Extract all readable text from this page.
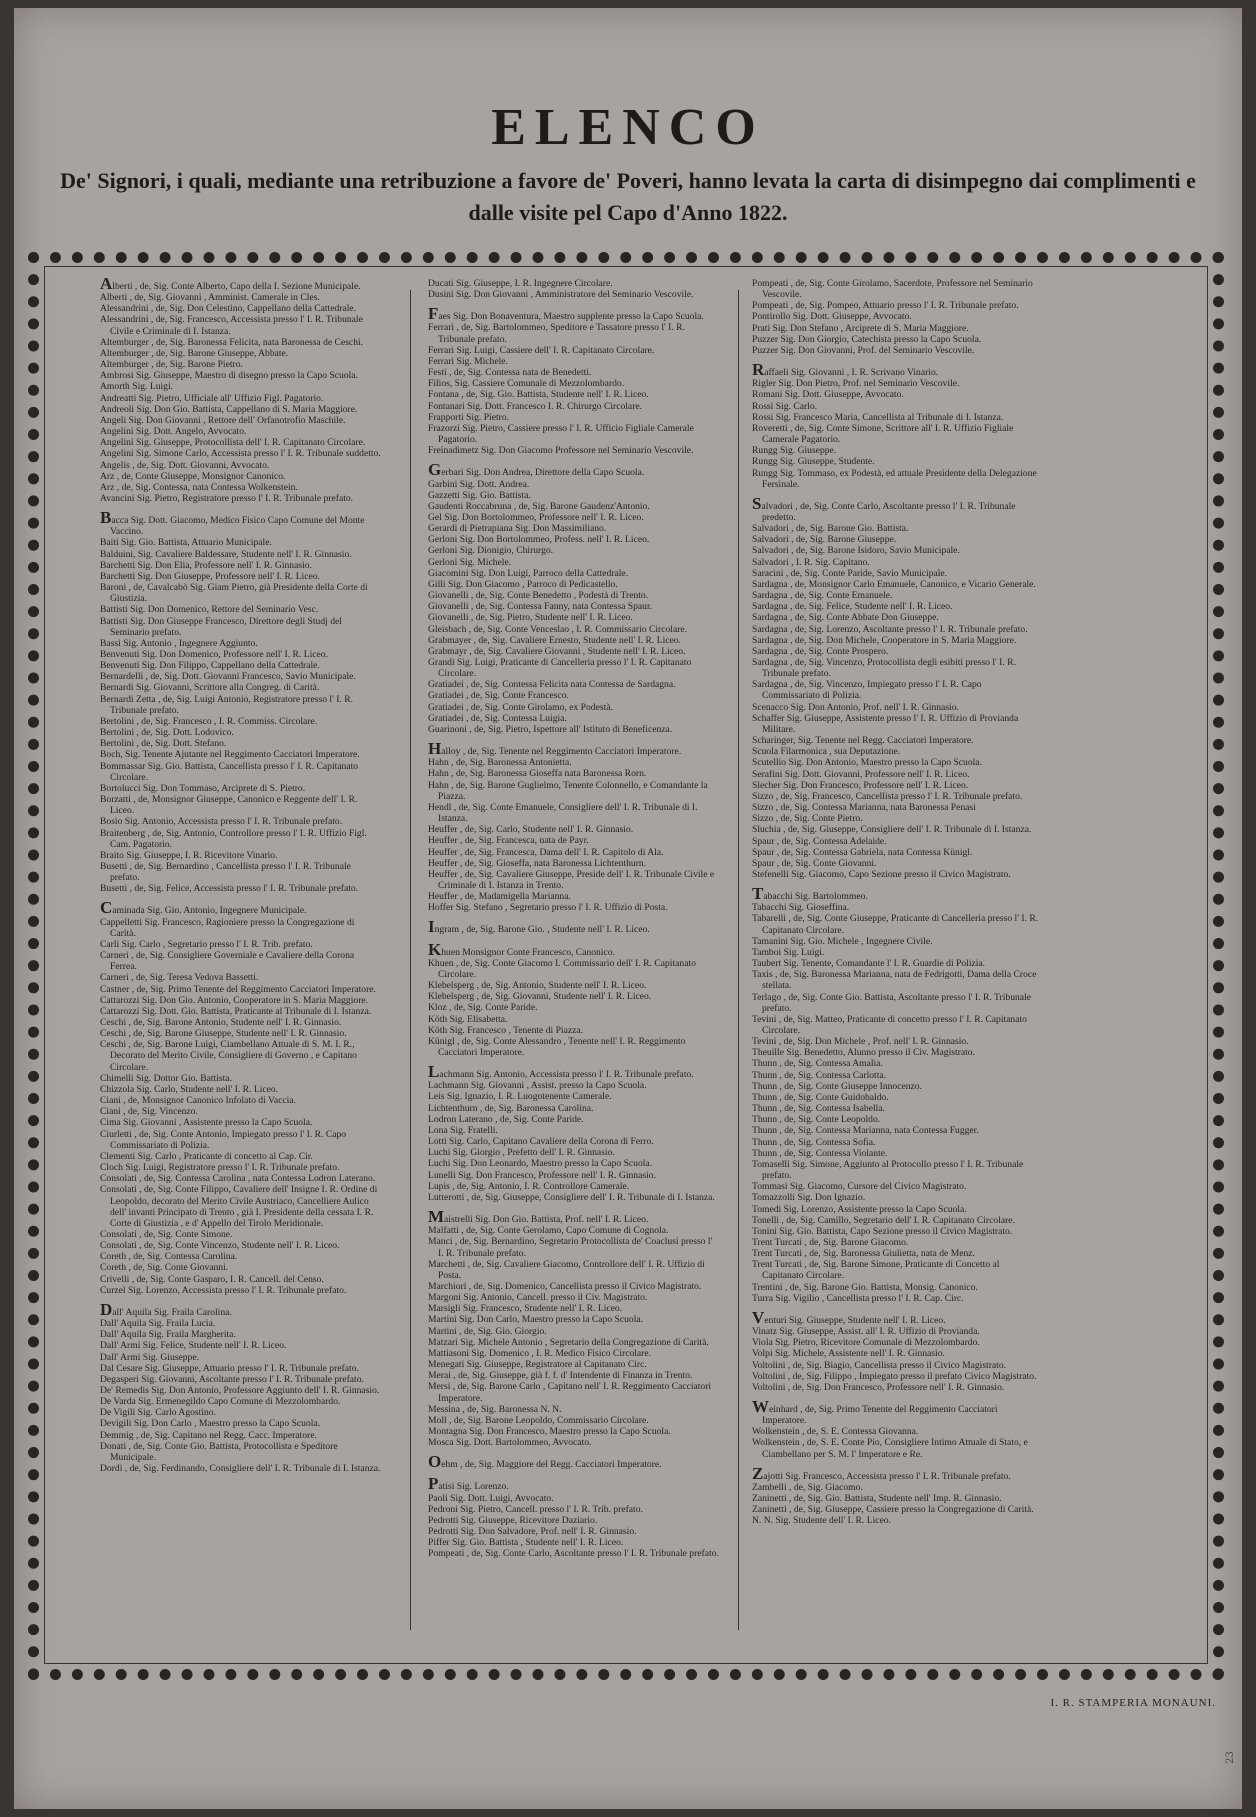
ELENCO
De' Signori, i quali, mediante una retribuzione a favore de' Poveri, hanno levata la carta di disimpegno dai complimenti e dalle visite pel Capo d'Anno 1822.

Alberti , de, Sig. Conte Alberto, Capo della I. Sezione Municipale.

Alberti , de, Sig. Giovanni , Amminist. Camerale in Cles.

Alessandrini , de, Sig. Don Celestino, Cappellano della Cattedrale.

Alessandrini , de, Sig. Francesco, Accessista presso l' I. R. Tribunale Civile e Criminale di I. Istanza.

Altemburger , de, Sig. Baronessa Felicita, nata Baronessa de Ceschi.

Altemburger , de, Sig. Barone Giuseppe, Abbate.

Altemburger , de, Sig. Barone Pietro.

Ambrosi Sig. Giuseppe, Maestro di disegno presso la Capo Scuola.

Amorth Sig. Luigi.

Andreatti Sig. Pietro, Ufficiale all' Uffizio Figl. Pagatorio.

Andreoli Sig. Don Gio. Battista, Cappellano di S. Maria Maggiore.

Angeli Sig. Don Giovanni , Rettore dell' Orfanotrofio Maschile.

Angelini Sig. Dott. Angelo, Avvocato.

Angelini Sig. Giuseppe, Protocollista dell' I. R. Capitanato Circolare.

Angelini Sig. Simone Carlo, Accessista presso l' I. R. Tribunale suddetto.

Angelis , de, Sig. Dott. Giovanni, Avvocato.

Arz , de, Conte Giuseppe, Monsignor Canonico.

Arz , de, Sig. Contessa, nata Contessa Wolkenstein.

Avancini Sig. Pietro, Registratore presso l' I. R. Tribunale prefato.

Bacca Sig. Dott. Giacomo, Medico Fisico Capo Comune del Monte Vaccino.

Baiti Sig. Gio. Battista, Attuario Municipale.

Balduini, Sig. Cavaliere Baldessare, Studente nell' I. R. Ginnasio.

Barchetti Sig. Don Elia, Professore nell' I. R. Ginnasio.

Barchetti Sig. Don Giuseppe, Professore nell' I. R. Liceo.

Baroni , de, Cavalcabò Sig. Giam Pietro, già Presidente della Corte di Giustizia.

Battisti Sig. Don Domenico, Rettore del Seminario Vesc.

Battisti Sig. Don Giuseppe Francesco, Direttore degli Studj del Seminario prefato.

Bassi Sig. Antonio , Ingegnere Aggiunto.

Benvenuti Sig. Don Domenico, Professore nell' I. R. Liceo.

Benvenuti Sig. Don Filippo, Cappellano della Cattedrale.

Bernardelli , de, Sig. Dott. Giovanni Francesco, Savio Municipale.

Bernardi Sig. Giovanni, Scrittore alla Congreg. di Carità.

Bernardi Zetta , de, Sig. Luigi Antonio, Registratore presso l' I. R. Tribunale prefato.

Bertolini , de, Sig. Francesco , I. R. Commiss. Circolare.

Bertolini , de, Sig. Dott. Lodovico.

Bertolini , de, Sig. Dott. Stefano.

Boch, Sig. Tenente Ajutante nel Reggimento Cacciatori Imperatore.

Bommassar Sig. Gio. Battista, Cancellista presso l' I. R. Capitanato Circolare.

Bortolucci Sig. Don Tommaso, Arciprete di S. Pietro.

Borzatti , de, Monsignor Giuseppe, Canonico e Reggente dell' I. R. Liceo.

Bosio Sig. Antonio, Accessista presso l' I. R. Tribunale prefato.

Braitenberg , de, Sig. Antonio, Controllore presso l' I. R. Uffizio Figl. Cam. Pagatorio.

Braito Sig. Giuseppe, I. R. Ricevitore Vinario.

Busetti , de, Sig. Bernardino , Cancellista presso l' I. R. Tribunale prefato.

Busetti , de, Sig. Felice, Accessista presso l' I. R. Tribunale prefato.

Caminada Sig. Gio. Antonio, Ingegnere Municipale.

Cappelletti Sig. Francesco, Ragioniere presso la Congregazione di Carità.

Carli Sig. Carlo , Segretario presso l' I. R. Trib. prefato.

Carneri , de, Sig. Consigliere Governiale e Cavaliere della Corona Ferrea.

Carneri , de, Sig. Teresa Vedova Bassetti.

Castner , de, Sig. Primo Tenente del Reggimento Cacciatori Imperatore.

Cattarozzi Sig. Don Gio. Antonio, Cooperatore in S. Maria Maggiore.

Cattarozzi Sig. Dott. Gio. Battista, Praticante al Tribunale di I. Istanza.

Ceschi , de, Sig. Barone Antonio, Studente nell' I. R. Ginnasio.

Ceschi , de, Sig. Barone Giuseppe, Studente nell' I. R. Ginnasio.

Ceschi , de, Sig. Barone Luigi, Ciambellano Attuale di S. M. I. R., Decorato del Merito Civile, Consigliere di Governo , e Capitano Circolare.

Chimelli Sig. Dottor Gio. Battista.

Chizzola Sig. Carlo, Studente nell' I. R. Liceo.

Ciani , de, Monsignor Canonico Infolato di Vaccia.

Ciani , de, Sig. Vincenzo.

Cima Sig. Giovanni , Assistente presso la Capo Scuola.

Ciurletti , de, Sig. Conte Antonio, Impiegato presso l' I. R. Capo Commissariato di Polizia.

Clementi Sig. Carlo , Praticante di concetto al Cap. Cir.

Cloch Sig. Luigi, Registratore presso l' I. R. Tribunale prefato.

Consolati , de, Sig. Contessa Carolina , nata Contessa Lodron Laterano.

Consolati , de, Sig. Conte Filippo, Cavaliere dell' Insigne I. R. Ordine di Leopoldo, decorato del Merito Civile Austriaco, Cancelliere Aulico dell' invanti Principato di Trento , già I. Presidente della cessata I. R. Corte di Giustizia , e d' Appello del Tirolo Meridionale.

Consolati , de, Sig. Conte Simone.

Consolati , de, Sig. Conte Vincenzo, Studente nell' I. R. Liceo.

Coreth , de, Sig. Contessa Carolina.

Coreth , de, Sig. Conte Giovanni.

Crivelli , de, Sig. Conte Gasparo, I. R. Cancell. del Censo.

Curzel Sig. Lorenzo, Accessista presso l' I. R. Tribunale prefato.

Dall' Aquila Sig. Fraila Carolina.

Dall' Aquila Sig. Fraila Lucia.

Dall' Aquila Sig. Fraila Margherita.

Dall' Armi Sig. Felice, Studente nell' I. R. Liceo.

Dall' Armi Sig. Giuseppe.

Dal Cesare Sig. Giuseppe, Attuario presso l' I. R. Tribunale prefato.

Degasperi Sig. Giovanni, Ascoltante presso l' I. R. Tribunale prefato.

De' Remedis Sig. Don Antonio, Professore Aggiunto dell' I. R. Ginnasio.

De Varda Sig. Ermenegildo Capo Comune di Mezzolombardo.

De Vigili Sig. Carlo Agostino.

Devigili Sig. Don Carlo , Maestro presso la Capo Scuola.

Demmig , de, Sig. Capitano nel Regg. Cacc. Imperatore.

Donati , de, Sig. Conte Gio. Battista, Protocollista e Speditore Municipale.

Dordi , de, Sig. Ferdinando, Consigliere dell' I. R. Tribunale di I. Istanza.

Ducati Sig. Giuseppe, I. R. Ingegnere Circolare.

Dusini Sig. Don Giovanni , Amministratore del Seminario Vescovile.

Faes Sig. Don Bonaventura, Maestro supplente presso la Capo Scuola.

Ferrari , de, Sig. Bartolommeo, Speditore e Tassatore presso l' I. R. Tribunale prefato.

Ferrari Sig. Luigi, Cassiere dell' I. R. Capitanato Circolare.

Ferrari Sig. Michele.

Festi , de, Sig. Contessa nata de Benedetti.

Filios, Sig. Cassiere Comunale di Mezzolombardo.

Fontana , de, Sig. Gio. Battista, Studente nell' I. R. Liceo.

Fontanari Sig. Dott. Francesco I. R. Chirurgo Circolare.

Frapporti Sig. Pietro.

Frazorzi Sig. Pietro, Cassiere presso l' I. R. Ufficio Figliale Camerale Pagatorio.

Freinadimetz Sig. Don Giacomo Professore nel Seminario Vescovile.

Gerbari Sig. Don Andrea, Direttore della Capo Scuola.

Garbini Sig. Dott. Andrea.

Gazzetti Sig. Gio. Battista.

Gaudenti Roccabruna , de, Sig. Barone Gaudenz'Antonio.

Gel Sig. Don Bortolommeo, Professore nell' I. R. Liceo.

Gerardi di Pietrapiana Sig. Don Massimiliano.

Gerloni Sig. Don Bortolommeo, Profess. nell' I. R. Liceo.

Gerloni Sig. Dionigio, Chirurgo.

Gerloni Sig. Michele.

Giacomini Sig. Don Luigi, Parroco della Cattedrale.

Gilli Sig. Don Giacomo , Parroco di Pedicastello.

Giovanelli , de, Sig. Conte Benedetto , Podestà di Trento.

Giovanelli , de, Sig. Contessa Fanny, nata Contessa Spaur.

Giovanelli , de, Sig. Pietro, Studente nell' I. R. Liceo.

Gleisbach , de, Sig. Conte Venceslao , I. R. Commissario Circolare.

Grabmayer , de, Sig. Cavaliere Ernesto, Studente nell' I. R. Liceo.

Grabmayr , de, Sig. Cavaliere Giovanni , Studente nell' I. R. Liceo.

Grandi Sig. Luigi, Praticante di Cancelleria presso l' I. R. Capitanato Circolare.

Gratiadei , de, Sig. Contessa Felicita nata Contessa de Sardagna.

Gratiadei , de, Sig. Conte Francesco.

Gratiadei , de, Sig. Conte Girolamo, ex Podestà.

Gratiadei , de, Sig. Contessa Luigia.

Guarinoni , de, Sig. Pietro, Ispettore all' Istituto di Beneficenza.

Halloy , de, Sig. Tenente nel Reggimento Cacciatori Imperatore.

Hahn , de, Sig. Baronessa Antonietta.

Hahn , de, Sig. Baronessa Gioseffa nata Baronessa Rorn.

Hahn , de, Sig. Barone Guglielmo, Tenente Colonnello, e Comandante la Piazza.

Hendl , de, Sig. Conte Emanuele, Consigliere dell' I. R. Tribunale di I. Istanza.

Heuffer , de, Sig. Carlo, Studente nell' I. R. Ginnasio.

Heuffer , de, Sig. Francesca, nata de Payr.

Heuffer , de, Sig. Francesca, Dama dell' I. R. Capitolo di Ala.

Heuffer , de, Sig. Gioseffa, nata Baronessa Lichtenthurn.

Heuffer , de, Sig. Cavaliere Giuseppe, Preside dell' I. R. Tribunale Civile e Criminale di I. Istanza in Trento.

Heuffer , de, Madamigella Marianna.

Hoffer Sig. Stefano , Segretario presso l' I. R. Uffizio di Posta.

Ingram , de, Sig. Barone Gio. , Studente nell' I. R. Liceo.

Khuen Monsignor Conte Francesco, Canonico.

Khuen , de, Sig. Conte Giacomo I. Commissario dell' I. R. Capitanato Circolare.

Klebelsperg , de, Sig. Antonio, Studente nell' I. R. Liceo.

Klebelsperg , de, Sig. Giovanni, Studente nell' I. R. Liceo.

Kloz , de, Sig. Conte Paride.

Köth Sig. Elisabetta.

Köth Sig. Francesco , Tenente di Piazza.

Künigl , de, Sig. Conte Alessandro , Tenente nell' I. R. Reggimento Cacciatori Imperatore.

Lachmann Sig. Antonio, Accessista presso l' I. R. Tribunale prefato.

Lachmann Sig. Giovanni , Assist. presso la Capo Scuola.

Leis Sig. Ignazio, I. R. Luogotenente Camerale.

Lichtenthurn , de, Sig. Baronessa Carolina.

Lodron Laterano , de, Sig. Conte Paride.

Lona Sig. Fratelli.

Lotti Sig. Carlo, Capitano Cavaliere della Corona di Ferro.

Luchi Sig. Giorgio , Prefetto dell' I. R. Ginnasio.

Luchi Sig. Don Leonardo, Maestro presso la Capo Scuola.

Lunelli Sig. Don Francesco, Professore nell' I. R. Ginnasio.

Lupis , de, Sig. Antonio, I. R. Controllore Camerale.

Lutterotti , de, Sig. Giuseppe, Consigliere dell' I. R. Tribunale di I. Istanza.

Maistrelli Sig. Don Gio. Battista, Prof. nell' I. R. Liceo.

Malfatti , de, Sig. Conte Gerolamo, Capo Comune di Cognola.

Manci , de, Sig. Bernardino, Segretario Protocollista de' Coaclusi presso l' I. R. Tribunale prefato.

Marchetti , de, Sig. Cavaliere Giacomo, Controllore dell' I. R. Uffizio di Posta.

Marchiori , de, Sig. Domenico, Cancellista presso il Civico Magistrato.

Margoni Sig. Antonio, Cancell. presso il Civ. Magistrato.

Marsigli Sig. Francesco, Studente nell' I. R. Liceo.

Martini Sig. Don Carlo, Maestro presso la Capo Scuola.

Martini , de, Sig. Gio. Giorgio.

Matzari Sig. Michele Antonio , Segretario della Congregazione di Carità.

Mattiasoni Sig. Domenico , I. R. Medico Fisico Circolare.

Menegati Sig. Giuseppe, Registratore al Capitanato Circ.

Merai , de, Sig. Giuseppe, già f. f. d' Intendente di Finanza in Trento.

Mersi , de, Sig. Barone Carlo , Capitano nell' I. R. Reggimento Cacciatori Imperatore.

Messina , de, Sig. Baronessa N. N.

Moll , de, Sig. Barone Leopoldo, Commissario Circolare.

Montagna Sig. Don Francesco, Maestro presso la Capo Scuola.

Mosca Sig. Dott. Bartolommeo, Avvocato.

Oehm , de, Sig. Maggiore del Regg. Cacciatori Imperatore.

Patisi Sig. Lorenzo.

Paoli Sig. Dott. Luigi, Avvocato.

Pedroni Sig. Pietro, Cancell. presso l' I. R. Trib. prefato.

Pedrotti Sig. Giuseppe, Ricevitore Daziario.

Pedrotti Sig. Don Salvadore, Prof. nell' I. R. Ginnasio.

Piffer Sig. Gio. Battista , Studente nell' I. R. Liceo.

Pompeati , de, Sig. Conte Carlo, Ascoltante presso l' I. R. Tribunale prefato.

Pompeati , de, Sig. Conte Girolamo, Sacerdote, Professore nel Seminario Vescovile.

Pompeati , de, Sig. Pompeo, Attuario presso l' I. R. Tribunale prefato.

Pontirollo Sig. Dott. Giuseppe, Avvocato.

Prati Sig. Don Stefano , Arciprete di S. Maria Maggiore.

Puzzer Sig. Don Giorgio, Catechista presso la Capo Scuola.

Puzzer Sig. Don Giovanni, Prof. del Seminario Vescovile.

Raffaeli Sig. Giovanni , I. R. Scrivano Vinario.

Rigler Sig. Don Pietro, Prof. nel Seminario Vescovile.

Romani Sig. Dott. Giuseppe, Avvocato.

Rossi Sig. Carlo.

Rossi Sig. Francesco Maria, Cancellista al Tribunale di I. Istanza.

Roveretti , de, Sig. Conte Simone, Scrittore all' I. R. Uffizio Figliale Camerale Pagatorio.

Rungg Sig. Giuseppe.

Rungg Sig. Giuseppe, Studente.

Rungg Sig. Tommaso, ex Podestà, ed attuale Presidente della Delegazione Fersinale.

Salvadori , de, Sig. Conte Carlo, Ascoltante presso l' I. R. Tribunale predetto.

Salvadori , de, Sig. Barone Gio. Battista.

Salvadori , de, Sig. Barone Giuseppe.

Salvadori , de, Sig. Barone Isidoro, Savio Municipale.

Salvadori , I. R. Sig. Capitano.

Saracini , de, Sig. Conte Paride, Savio Municipale.

Sardagna , de, Monsignor Carlo Emanuele, Canonico, e Vicario Generale.

Sardagna , de, Sig. Conte Emanuele.

Sardagna , de, Sig. Felice, Studente nell' I. R. Liceo.

Sardagna , de, Sig. Conte Abbate Don Giuseppe.

Sardagna , de, Sig. Lorenzo, Ascoltante presso l' I. R. Tribunale prefato.

Sardagna , de, Sig. Don Michele, Cooperatore in S. Maria Maggiore.

Sardagna , de, Sig. Conte Prospero.

Sardagna , de, Sig. Vincenzo, Protocollista degli esibiti presso l' I. R. Tribunale prefato.

Sardagna , de, Sig. Vincenzo, Impiegato presso l' I. R. Capo Commissariato di Polizia.

Scenacco Sig. Don Antonio, Prof. nell' I. R. Ginnasio.

Schaffer Sig. Giuseppe, Assistente presso l' I. R. Uffizio di Provianda Militare.

Scharinger, Sig. Tenente nel Regg. Cacciatori Imperatore.

Scuola Filarmonica , sua Deputazione.

Scutellio Sig. Don Antonio, Maestro presso la Capo Scuola.

Serafini Sig. Dott. Giovanni, Professore nell' I. R. Liceo.

Slecher Sig. Don Francesco, Professore nell' I. R. Liceo.

Sizzo , de, Sig. Francesco, Cancellista presso l' I. R. Tribunale prefato.

Sizzo , de, Sig. Contessa Marianna, nata Baronessa Penasi

Sizzo , de, Sig. Conte Pietro.

Sluchia , de, Sig. Giuseppe, Consigliere dell' I. R. Tribunale di I. Istanza.

Spaur , de, Sig. Contessa Adelaide.

Spaur , de, Sig. Contessa Gabriela, nata Contessa Künigl.

Spaur , de, Sig. Conte Giovanni.

Stefenelli Sig. Giacomo, Capo Sezione presso il Civico Magistrato.

Tabacchi Sig. Bartolommeo.

Tabacchi Sig. Gioseffina.

Tabarelli , de, Sig. Conte Giuseppe, Praticante di Cancelleria presso l' I. R. Capitanato Circolare.

Tamanini Sig. Gio. Michele , Ingegnere Civile.

Tamboi Sig. Luigi.

Taubert Sig. Tenente, Comandante l' I. R. Guardie di Polizia.

Taxis , de, Sig. Baronessa Marianna, nata de Fedrigotti, Dama della Croce stellata.

Terlago , de, Sig. Conte Gio. Battista, Ascoltante presso l' I. R. Tribunale prefato.

Tevini , de, Sig. Matteo, Praticante di concetto presso l' I. R. Capitanato Circolare.

Tevini , de, Sig. Don Michele , Prof. nell' I. R. Ginnasio.

Theuille Sig. Benedetto, Alunno presso il Civ. Magistrato.

Thunn , de, Sig. Contessa Amalia.

Thunn , de, Sig. Contessa Carlotta.

Thunn , de, Sig. Conte Giuseppe Innocenzo.

Thunn , de, Sig. Conte Guidobaldo.

Thunn , de, Sig. Contessa Isabella.

Thunn , de, Sig. Conte Leopoldo.

Thunn , de, Sig. Contessa Marianna, nata Contessa Fugger.

Thunn , de, Sig. Contessa Sofia.

Thunn , de, Sig. Contessa Violante.

Tomaselli Sig. Simone, Aggiunto al Protocollo presso l' I. R. Tribunale prefato.

Tommasi Sig. Giacomo, Cursore del Civico Magistrato.

Tomazzolli Sig. Don Ignazio.

Tomedi Sig. Lorenzo, Assistente presso la Capo Scuola.

Tonelli , de, Sig. Camillo, Segretario dell' I. R. Capitanato Circolare.

Tonini Sig. Gio. Battista, Capo Sezione presso il Civico Magistrato.

Trent Turcati , de, Sig. Barone Giacomo.

Trent Turcati , de, Sig. Baronessa Giulietta, nata de Menz.

Trent Turcati , de, Sig. Barone Simone, Praticante di Concetto al Capitanato Circolare.

Trentini , de, Sig. Barone Gio. Battista, Monsig. Canonico.

Turra Sig. Vigilio , Cancellista presso l' I. R. Cap. Circ.

Venturi Sig. Giuseppe, Studente nell' I. R. Liceo.

Vinatz Sig. Giuseppe, Assist. all' I. R. Uffizio di Provianda.

Viola Sig. Pietro, Ricevitore Comunale di Mezzolombardo.

Volpi Sig. Michele, Assistente nell' I. R. Ginnasio.

Voltolini , de, Sig. Biagio, Cancellista presso il Civico Magistrato.

Voltolini , de, Sig. Filippo , Impiegato presso il prefato Civico Magistrato.

Voltolini , de, Sig. Don Francesco, Professore nell' I. R. Ginnasio.

Weinhard , de, Sig. Primo Tenente del Reggimento Cacciatori Imperatore.

Wolkenstein , de, S. E. Contessa Giovanna.

Wolkenstein , de, S. E. Conte Pio, Consigliere Intimo Attuale di Stato, e Ciambellano per S. M. l' Imperatore e Re.

Zajotti Sig. Francesco, Accessista presso l' I. R. Tribunale prefato.

Zambelli , de, Sig. Giacomo.

Zaninetti , de, Sig. Gio. Battista, Studente nell' Imp. R. Ginnasio.

Zaninetti , de, Sig. Giuseppe, Cassiere presso la Congregazione di Carità.

N. N. Sig. Studente dell' I. R. Liceo.

I. R. STAMPERIA MONAUNI.
23
